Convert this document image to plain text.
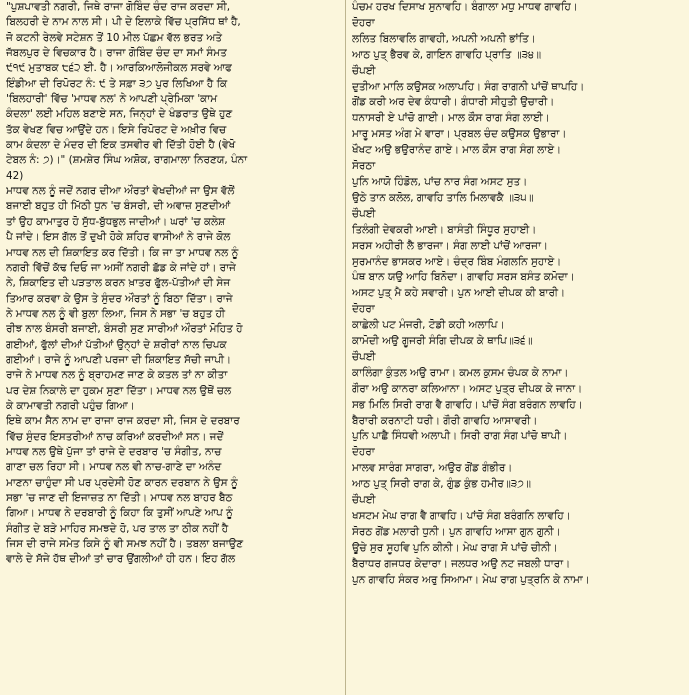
"ਪੁਸ਼ਪਾਵਤੀ ਨਗਰੀ, ਜਿਥੇ ਰਾਜਾ ਗੋਬਿੰਦ ਚੰਦ ਰਾਜ ਕਰਦਾ ਸੀ,
ਬਿਲਹਰੀ ਦੇ ਨਾਮ ਨਾਲ ਸੀ। ਪੀ ਦੇ ਇਲਾਕੇ ਵਿੱਚ ਪ੍ਰਸਿੱਧ ਥਾਂ ਹੈ,
ਜੋ ਕਟਨੀ ਰੇਲਵੇ ਸਟੇਸ਼ਨ ਤੋਂ 10 ਮੀਲ ਪੱਛਮ ਵੱਲ ਭਰਤ ਅਤੇ
ਜੱਬਲਪੁਰ ਦੇ ਵਿਚਕਾਰ ਹੈ। ਰਾਜਾ ਗੋਬਿੰਦ ਚੰਦ ਦਾ ਸਮਾਂ ਸੰਮਤ
੯੧੯ ਮੁਤਾਬਕ ੮੬੨ ਈ. ਹੈ। ਆਰਕਿਆਲੋਜੀਕਲ ਸਰਵੇ ਆਫ
ਇੰਡੀਆ ਦੀ ਰਿਪੋਰਟ ਨੰ: ੯ ਤੇ ਸਫ਼ਾ ੩੭ ਪੁਰ ਲਿਖਿਆ ਹੈ ਕਿ
'ਬਿਲਹਾਰੀ' ਵਿੱਚ 'ਮਾਧਵ ਨਲ' ਨੇ ਆਪਣੀ ਪ੍ਰੇਮਿਕਾ 'ਕਾਮ
ਕੰਦਲਾ' ਲਈ ਮਹਿਲ ਬਣਾਏ ਸਨ, ਜਿਨ੍ਹਾਂ ਦੇ ਖੰਡਰਾਤ ਉਥੇ ਹੁਣ
ਤੱਕ ਵੇਖਣ ਵਿਚ ਆਉਂਦੇ ਹਨ। ਇਸੇ ਰਿਪੋਰਟ ਦੇ ਅਖ਼ੀਰ ਵਿਚ
ਕਾਮ ਕੰਦਲਾ ਦੇ ਮੰਦਰ ਦੀ ਇਕ ਤਸਵੀਰ ਵੀ ਦਿੱਤੀ ਹੋਈ ਹੈ (ਵੇਖੋ
ਟੇਬਲ ਨੰ: ੭)।" (ਸ਼ਮਸ਼ੇਰ ਸਿੰਘ ਅਸ਼ੋਕ, ਰਾਗਮਾਲਾ ਨਿਰਣਯ, ਪੰਨਾ
42)
ਮਾਧਵ ਨਲ ਨੂੰ ਜਦੋਂ ਨਗਰ ਦੀਆ ਔਰਤਾਂ ਵੇਖਦੀਆਂ ਜਾ ਉਸ ਵੱਲੋਂ
ਬਜਾਈ ਬਹੁਤ ਹੀ ਮਿੱਠੀ ਧੁਨ 'ਚ ਬੰਸਰੀ, ਦੀ ਅਵਾਜ਼ ਸੁਣਦੀਆਂ
ਤਾਂ ਉਹ ਕਾਮਾਤੁਰ ਹੋ ਸੁੱਧ-ਬੁੱਧਭੁਲ ਜਾਦੀਆਂ। ਘਰਾਂ 'ਚ ਕਲੇਸ਼
ਪੈ ਜਾਂਦੇ। ਇਸ ਗੱਲ ਤੋਂ ਦੁਖੀ ਹੋਕੇ ਸ਼ਹਿਰ ਵਾਸੀਆਂ ਨੇ ਰਾਜੇ ਕੋਲ
ਮਾਧਵ ਨਲ ਦੀ ਸ਼ਿਕਾਇਤ ਕਰ ਦਿੱਤੀ। ਕਿ ਜਾ ਤਾ ਮਾਧਵ ਨਲ ਨੂੰ
ਨਗਰੀ ਵਿੱਚੋਂ ਕੱਢ ਦਿਓ ਜਾ ਅਸੀਂ ਨਗਰੀ ਛੱਡ ਕੇ ਜਾਂਦੇ ਹਾਂ। ਰਾਜੇ
ਨੇ, ਸ਼ਿਕਾਇਤ ਦੀ ਪੜਤਾਲ ਕਰਨ ਖ਼ਾਤਰ ਫੁੱਲ-ਪੱਤੀਆਂ ਦੀ ਸੇਜ
ਤਿਆਰ ਕਰਵਾ ਕੇ ਉਸ ਤੇ ਸੁੰਦਰ ਔਰਤਾਂ ਨੂੰ ਬਿਠਾ ਦਿੱਤਾ। ਰਾਜੇ
ਨੇ ਮਾਧਵ ਨਲ ਨੂੰ ਵੀ ਬੁਲਾ ਲਿਆ, ਜਿਸ ਨੇ ਸਭਾ 'ਚ ਬਹੁਤ ਹੀ
ਰੀਝ ਨਾਲ ਬੰਸਰੀ ਬਜਾਈ, ਬੰਸਰੀ ਸੁਣ ਸਾਰੀਆਂ ਔਰਤਾਂ ਮੋਹਿਤ ਹੋ
ਗਈਆਂ, ਫੁੱਲਾਂ ਦੀਆਂ ਪੱਤੀਆਂ ਉਨ੍ਹਾਂ ਦੇ ਸ਼ਰੀਰਾਂ ਨਾਲ ਚਿਪਕ
ਗਈਆਂ। ਰਾਜੇ ਨੂੰ ਆਪਣੀ ਪਰਜਾ ਦੀ ਸ਼ਿਕਾਇਤ ਸੱਚੀ ਜਾਪੀ।
ਰਾਜੇ ਨੇ ਮਾਧਵ ਨਲ ਨੂੰ ਬ੍ਰਾਹਮਣ ਜਾਣ ਕੇ ਕਤਲ ਤਾਂ ਨਾ ਕੀਤਾ
ਪਰ ਦੇਸ਼ ਨਿਕਾਲੇ ਦਾ ਹੁਕਮ ਸੁਣਾ ਦਿੱਤਾ। ਮਾਧਵ ਨਲ ਉਥੋਂ ਚਲ
ਕੇ ਕਾਮਾਵਤੀ ਨਗਰੀ ਪਹੁੰਚ ਗਿਆ।
ਇਥੇ ਕਾਮ ਸੈਨ ਨਾਮ ਦਾ ਰਾਜਾ ਰਾਜ ਕਰਦਾ ਸੀ, ਜਿਸ ਦੇ ਦਰਬਾਰ
ਵਿੱਚ ਸੁੰਦਰ ਇਸਤਰੀਆਂ ਨਾਚ ਕਰਿਆਂ ਕਰਦੀਆਂ ਸਨ। ਜਦੋਂ
ਮਾਧਵ ਨਲ ਉਥੇ ਪੁੱਜਾ ਤਾਂ ਰਾਜੇ ਦੇ ਦਰਬਾਰ 'ਚ ਸੰਗੀਤ, ਨਾਚ
ਗਾਣਾ ਚਲ ਰਿਹਾ ਸੀ। ਮਾਧਵ ਨਲ ਵੀ ਨਾਚ-ਗਾਣੇ ਦਾ ਅਨੰਦ
ਮਾਣਨਾ ਚਾਹੁੰਦਾ ਸੀ ਪਰ ਪ੍ਰਦੇਸੀ ਹੋਣ ਕਾਰਨ ਦਰਬਾਨ ਨੇ ਉਸ ਨੂੰ
ਸਭਾ 'ਚ ਜਾਣ ਦੀ ਇਜਾਜ਼ਤ ਨਾ ਦਿੱਤੀ। ਮਾਧਵ ਨਲ ਬਾਹਰ ਬੈਠ
ਗਿਆ। ਮਾਧਵ ਨੇ ਦਰਬਾਰੀ ਨੂੰ ਕਿਹਾ ਕਿ ਤੁਸੀਂ ਆਪਣੇ ਆਪ ਨੂੰ
ਸੰਗੀਤ ਦੇ ਬੜੇ ਮਾਹਿਰ ਸਮਝਦੇ ਹੋ, ਪਰ ਤਾਲ ਤਾ ਠੀਕ ਨਹੀਂ ਹੈ
ਜਿਸ ਦੀ ਰਾਜੇ ਸਮੇਤ ਕਿਸੇ ਨੂੰ ਵੀ ਸਮਝ ਨਹੀਂ ਹੈ। ਤਬਲਾ ਬਜਾਉਣ
ਵਾਲੇ ਦੇ ਸੱਜੇ ਹੱਥ ਦੀਆਂ ਤਾਂ ਚਾਰ ਉਂਗਲੀਆਂ ਹੀ ਹਨ। ਇਹ ਗੱਲ
ਪੰਚਮ ਹਰਖ ਦਿਸਾਖ ਸੁਨਾਵਹਿ। ਬੰਗਾਲਾ ਮਧੁ ਮਾਧਵ ਗਾਵਹਿ।
ਦੋਹਰਾ
ਲਲਿਤ ਬਿਲਾਵਲਿ ਗਾਵਹੀ, ਅਪਨੀ ਅਪਨੀ ਭਾਂਤਿ।
ਆਠ ਪੁਤ੍ ਭੈਰਵ ਕੇ, ਗਾਇਨ ਗਾਵਹਿ ਪ੍ਰਾਤਿ ॥੩੪॥
ਚੌਪਈ
ਦੁਤੀਆ ਮਾਲਿ ਕਉਸਕ ਅਲਾਪਹਿ। ਸੰਗ ਰਾਗਨੀ ਪਾਂਚੋਂ ਥਾਪਹਿ।
ਗੋਂਡ ਕਰੀ ਅਰ ਦੇਵ ਕੰਧਾਰੀ। ਗੰਧਾਰੀ ਸੀਹੁਤੀ ਉਚਾਰੀ।
ਧਨਾਸਰੀ ਏ ਪਾਂਚੋ ਗਾਈ। ਮਾਲ ਕੌਸ ਰਾਗ ਸੰਗ ਲਾਈ।
ਮਾਰੂ ਮਸਤ ਅੰਗ ਮੇ ਵਾਰਾ। ਪ੍ਰਬਲ ਚੰਦ ਕਉਸਕ ਉਭਾਰਾ।
ਖੌਖਟ ਅਉ ਭਉਰਾਨੰਦ ਗਾਏ। ਮਾਲ ਕੌਸ ਰਾਗ ਸੰਗ ਲਾਏ।
ਸੋਰਠਾ
ਪੁਨਿ ਆਯੋ ਹਿੰਡੋਲ, ਪਾਂਚ ਨਾਰ ਸੰਗ ਅਸਟ ਸੁਤ।
ਉਠੇ ਤਾਨ ਕਲੋਲ, ਗਾਵਹਿ ਤਾਲਿ ਮਿਲਾਵਕੈ ॥੩੫॥
ਚੌਪਈ
ਤਿਲੰਗੀ ਦੇਵਕਰੀ ਆਈ। ਬਾਸੰਤੀ ਸਿੰਧੂਰ ਸੁਹਾਈ।
ਸਰਸ ਅਹੀਰੀ ਲੈ ਭਾਰਜਾ। ਸੰਗ ਲਾਈ ਪਾਂਚੋਂ ਆਰਜਾ।
ਸੁਰਮਾਨੰਦ ਭਾਸਕਰ ਆਏ। ਚੰਦ੍ਰ ਬਿੰਬ ਮੰਗਲਨਿ ਸੁਹਾਏ।
ਪੰਥ ਬਾਨ ਯਉ ਆਹਿ ਬਿਨੋਦਾ। ਗਾਵਹਿ ਸਰਸ ਬਸੰਤ ਕਮੋਦਾ।
ਅਸਟ ਪੁਤ੍ ਮੈ ਕਹੇ ਸਵਾਰੀ। ਪੁਨ ਆਈ ਦੀਪਕ ਕੀ ਬਾਰੀ।
ਦੋਹਰਾ
ਕਾਛੇਲੀ ਪਟ ਮੰਜਰੀ, ਟੋਡੀ ਕਹੀ ਅਲਾਪਿ।
ਕਾਮੋਦੀ ਅਉ ਗੂਜਰੀ ਸੰਗਿ ਦੀਪਕ ਕੇ ਥਾਪਿ॥੩੬॥
ਚੌਪਈ
ਕਾਲਿੰਗਾ ਕੁੰਤਲ ਅਉ ਰਾਮਾ। ਕਮਲ ਕੁਸਮ ਚੰਪਕ ਕੇ ਨਾਮਾ।
ਗੌਰਾ ਅਉ ਕਾਨਰਾ ਕਲਿਆਨਾ। ਅਸਟ ਪੁਤ੍ਰ ਦੀਪਕ ਕੇ ਜਾਨਾ।
ਸਭ ਮਿਲਿ ਸਿਰੀ ਰਾਗ ਵੈ ਗਾਵਹਿ। ਪਾਂਚੋਂ ਸੰਗ ਬਰੰਗਨ ਲਾਵਹਿ।
ਬੈਰਾਰੀ ਕਰਨਾਟੀ ਧਰੀ। ਗੌਰੀ ਗਾਵਹਿ ਆਸਾਵਰੀ।
ਪੁਨਿ ਪਾਛੈ ਸਿੰਧਵੀ ਅਲਾਪੀ। ਸਿਰੀ ਰਾਗ ਸੰਗ ਪਾਂਚੋ ਥਾਪੀ।
ਦੋਹਰਾ
ਮਾਲਵ ਸਾਰੰਗ ਸਾਗਰਾ, ਅਉਰ ਗੋਂਡ ਗੰਭੀਰ।
ਆਠ ਪੁਤ੍ ਸਿਰੀ ਰਾਗ ਕੇ, ਗੁੰਡ ਕੁੰਭ ਹਮੀਰ॥੩੭॥
ਚੌਪਈ
ਖਸਟਮ ਮੇਘ ਰਾਗ ਵੈ ਗਾਵਹਿ। ਪਾਂਚੋ ਸੰਗ ਬਰੰਗਨਿ ਲਾਵਹਿ।
ਸੋਰਠ ਗੋਂਡ ਮਲਾਰੀ ਧੁਨੀ। ਪੁਨ ਗਾਵਹਿ ਆਸਾ ਗੁਨ ਗੁਨੀ।
ਊਚੇ ਸੁਰ ਸੂਹਵਿ ਪੁਨਿ ਕੀਨੀ। ਮੇਘ ਰਾਗ ਸੋ ਪਾਂਚੋ ਚੀਨੀ।
ਬੈਰਾਧਰ ਗਜਧਰ ਕੇਦਾਰਾ। ਜਲਧਰ ਅਉ ਨਟ ਜਬਲੀ ਧਾਰਾ।
ਪੁਨ ਗਾਵਹਿ ਸੰਕਰ ਅਰੁ ਸਿਆਮਾ। ਮੇਘ ਰਾਗ ਪੁਤ੍ਰਨਿ ਕੇ ਨਾਮਾ।
